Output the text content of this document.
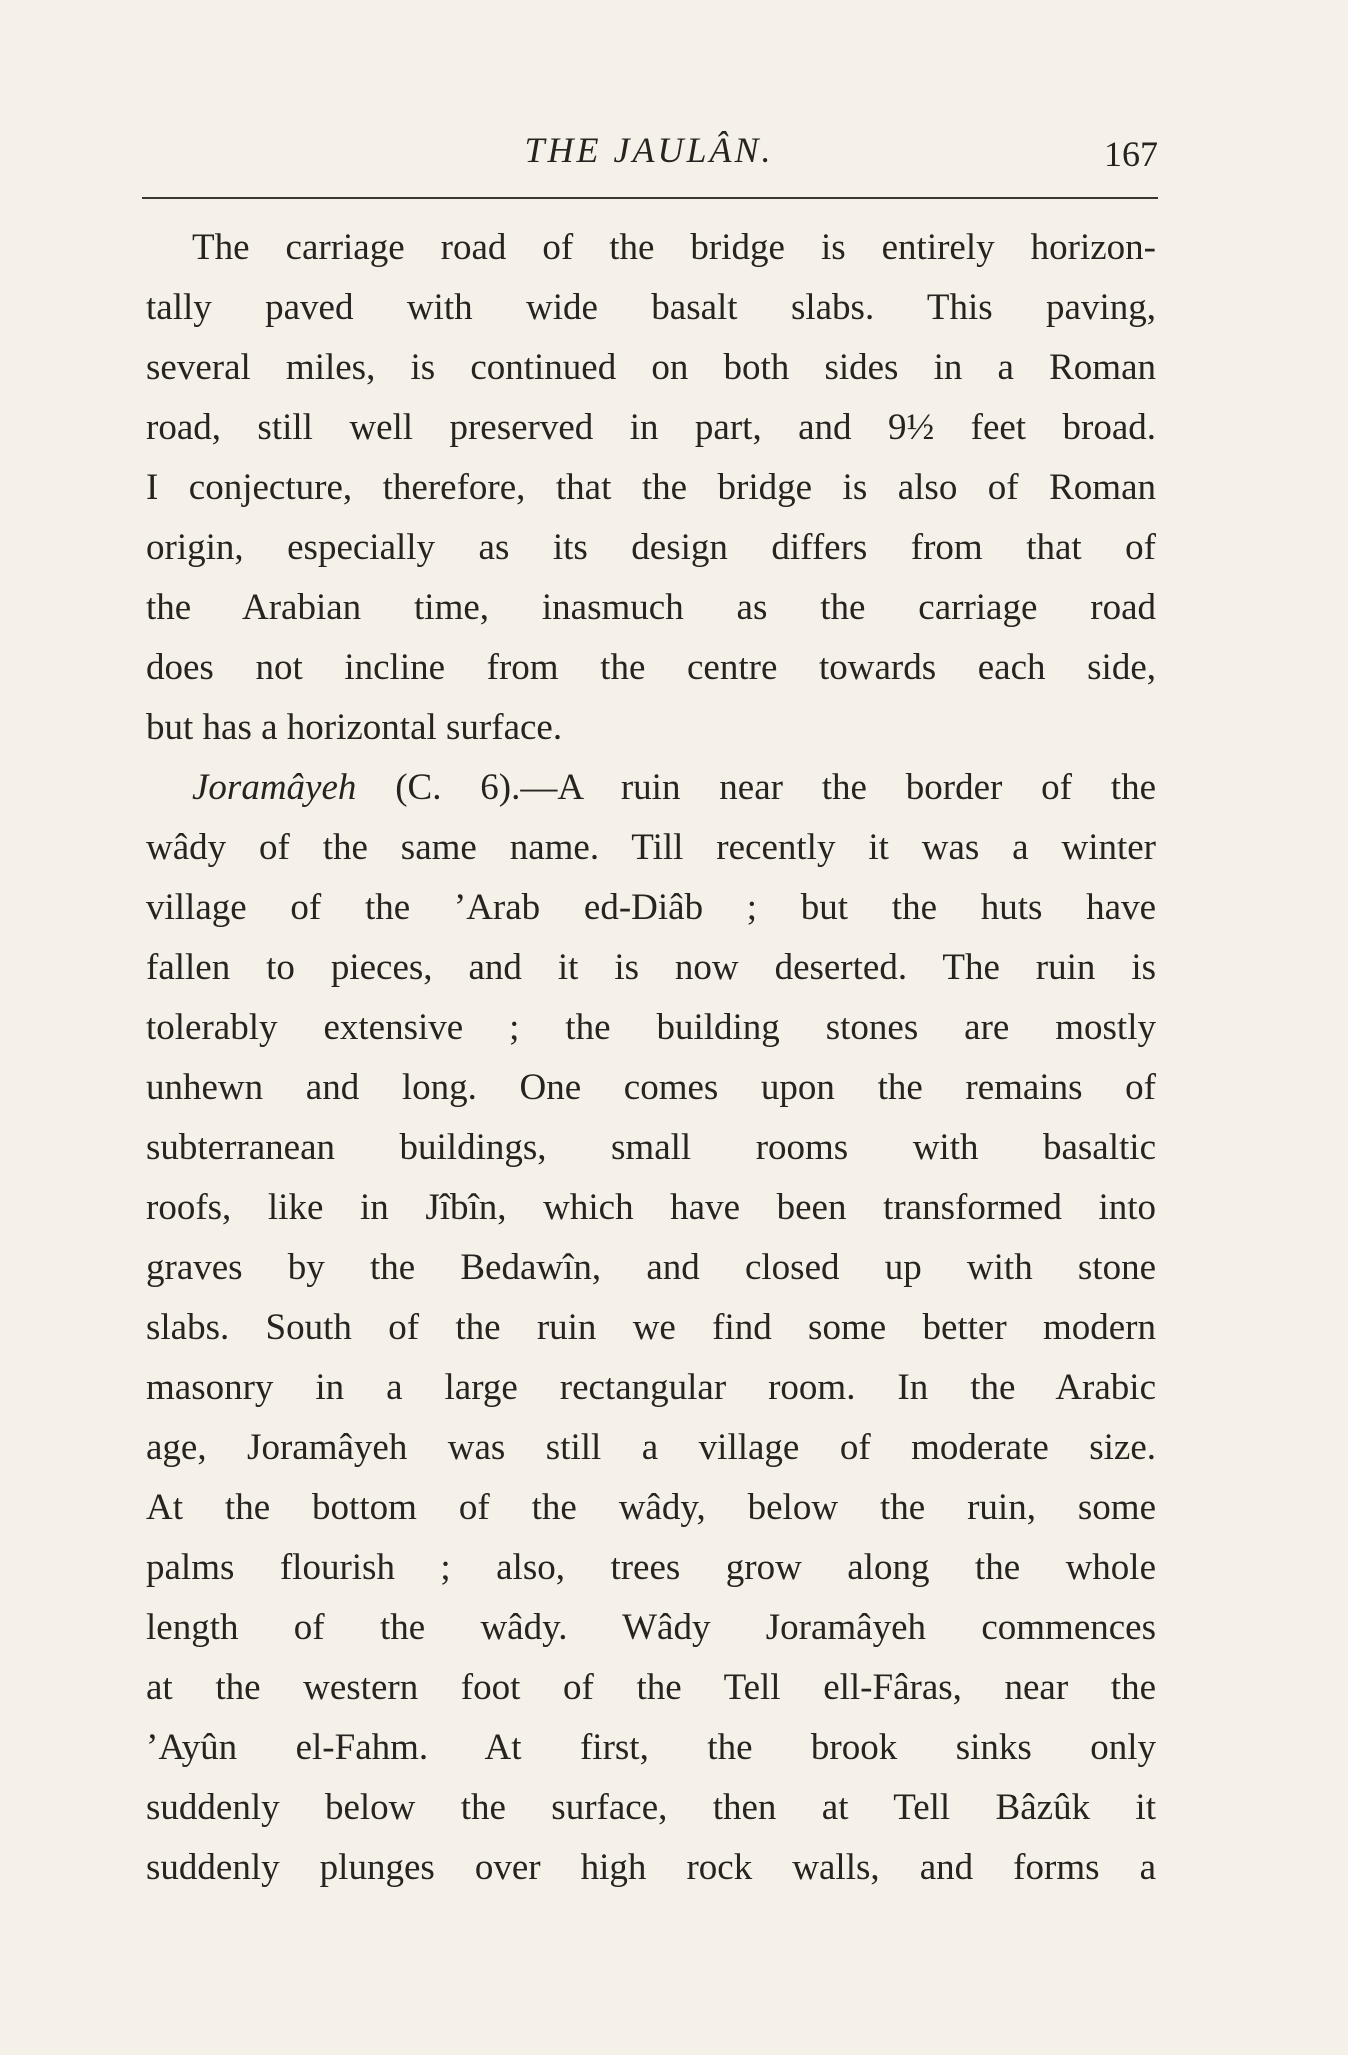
THE JAULÂN.	167
The carriage road of the bridge is entirely horizon-
tally paved with wide basalt slabs. This paving,
several miles, is continued on both sides in a Roman
road, still well preserved in part, and 9½ feet broad.
I conjecture, therefore, that the bridge is also of Roman
origin, especially as its design differs from that of
the Arabian time, inasmuch as the carriage road
does not incline from the centre towards each side,
but has a horizontal surface.
Joramâyeh (C. 6).—A ruin near the border of the
wâdy of the same name. Till recently it was a winter
village of the ’Arab ed-Diâb ; but the huts have
fallen to pieces, and it is now deserted. The ruin is
tolerably extensive ; the building stones are mostly
unhewn and long. One comes upon the remains of
subterranean buildings, small rooms with basaltic
roofs, like in Jîbîn, which have been transformed into
graves by the Bedawîn, and closed up with stone
slabs. South of the ruin we find some better modern
masonry in a large rectangular room. In the Arabic
age, Joramâyeh was still a village of moderate size.
At the bottom of the wâdy, below the ruin, some
palms flourish ; also, trees grow along the whole
length of the wâdy. Wâdy Joramâyeh commences
at the western foot of the Tell ell-Fâras, near the
’Ayûn el-Fahm. At first, the brook sinks only
suddenly below the surface, then at Tell Bâzûk it
suddenly plunges over high rock walls, and forms a
